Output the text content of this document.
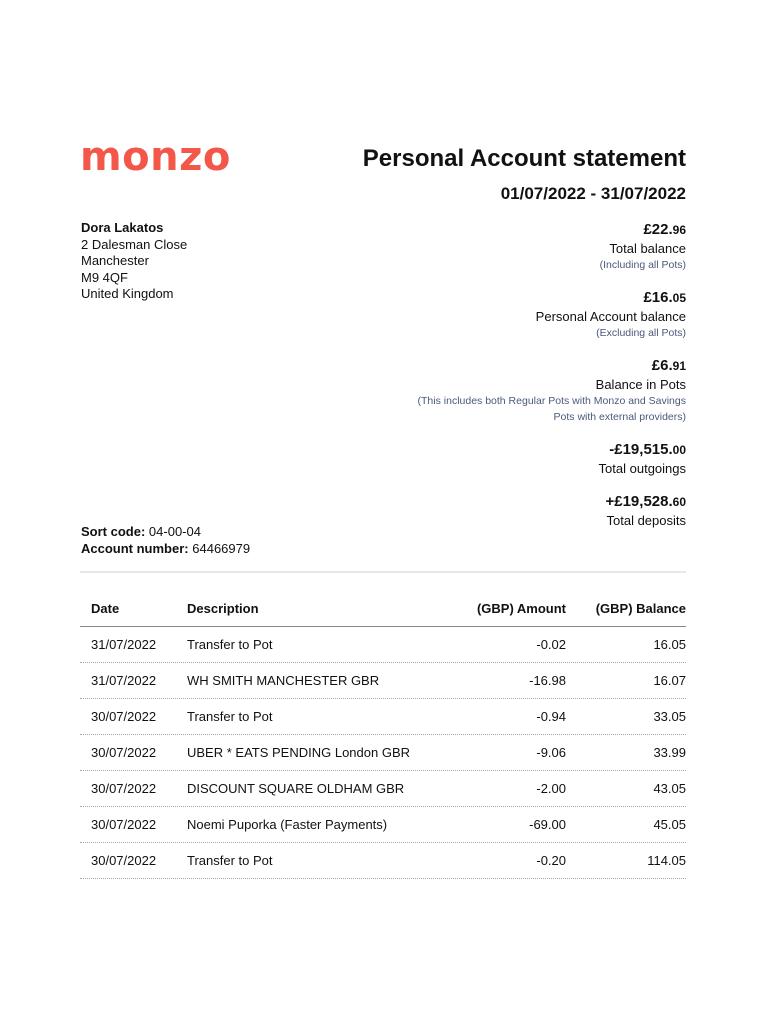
monzo	Personal Account statement
01/07/2022 - 31/07/2022
Dora Lakatos
2 Dalesman Close
Manchester
M9 4QF
United Kingdom
£22.96
Total balance
(Including all Pots)
£16.05
Personal Account balance
(Excluding all Pots)
£6.91
Balance in Pots
(This includes both Regular Pots with Monzo and Savings
Pots with external providers)
-£19,515.00
Total outgoings
+£19,528.60
Total deposits
Sort code: 04-00-04
Account number: 64466979
Date	Description	(GBP) Amount	(GBP) Balance
31/07/2022	Transfer to Pot	-0.02	16.05
31/07/2022	WH SMITH MANCHESTER GBR	-16.98	16.07
30/07/2022	Transfer to Pot	-0.94	33.05
30/07/2022	UBER * EATS PENDING London GBR	-9.06	33.99
30/07/2022	DISCOUNT SQUARE OLDHAM GBR	-2.00	43.05
30/07/2022	Noemi Puporka (Faster Payments)	-69.00	45.05
30/07/2022	Transfer to Pot	-0.20	114.05
